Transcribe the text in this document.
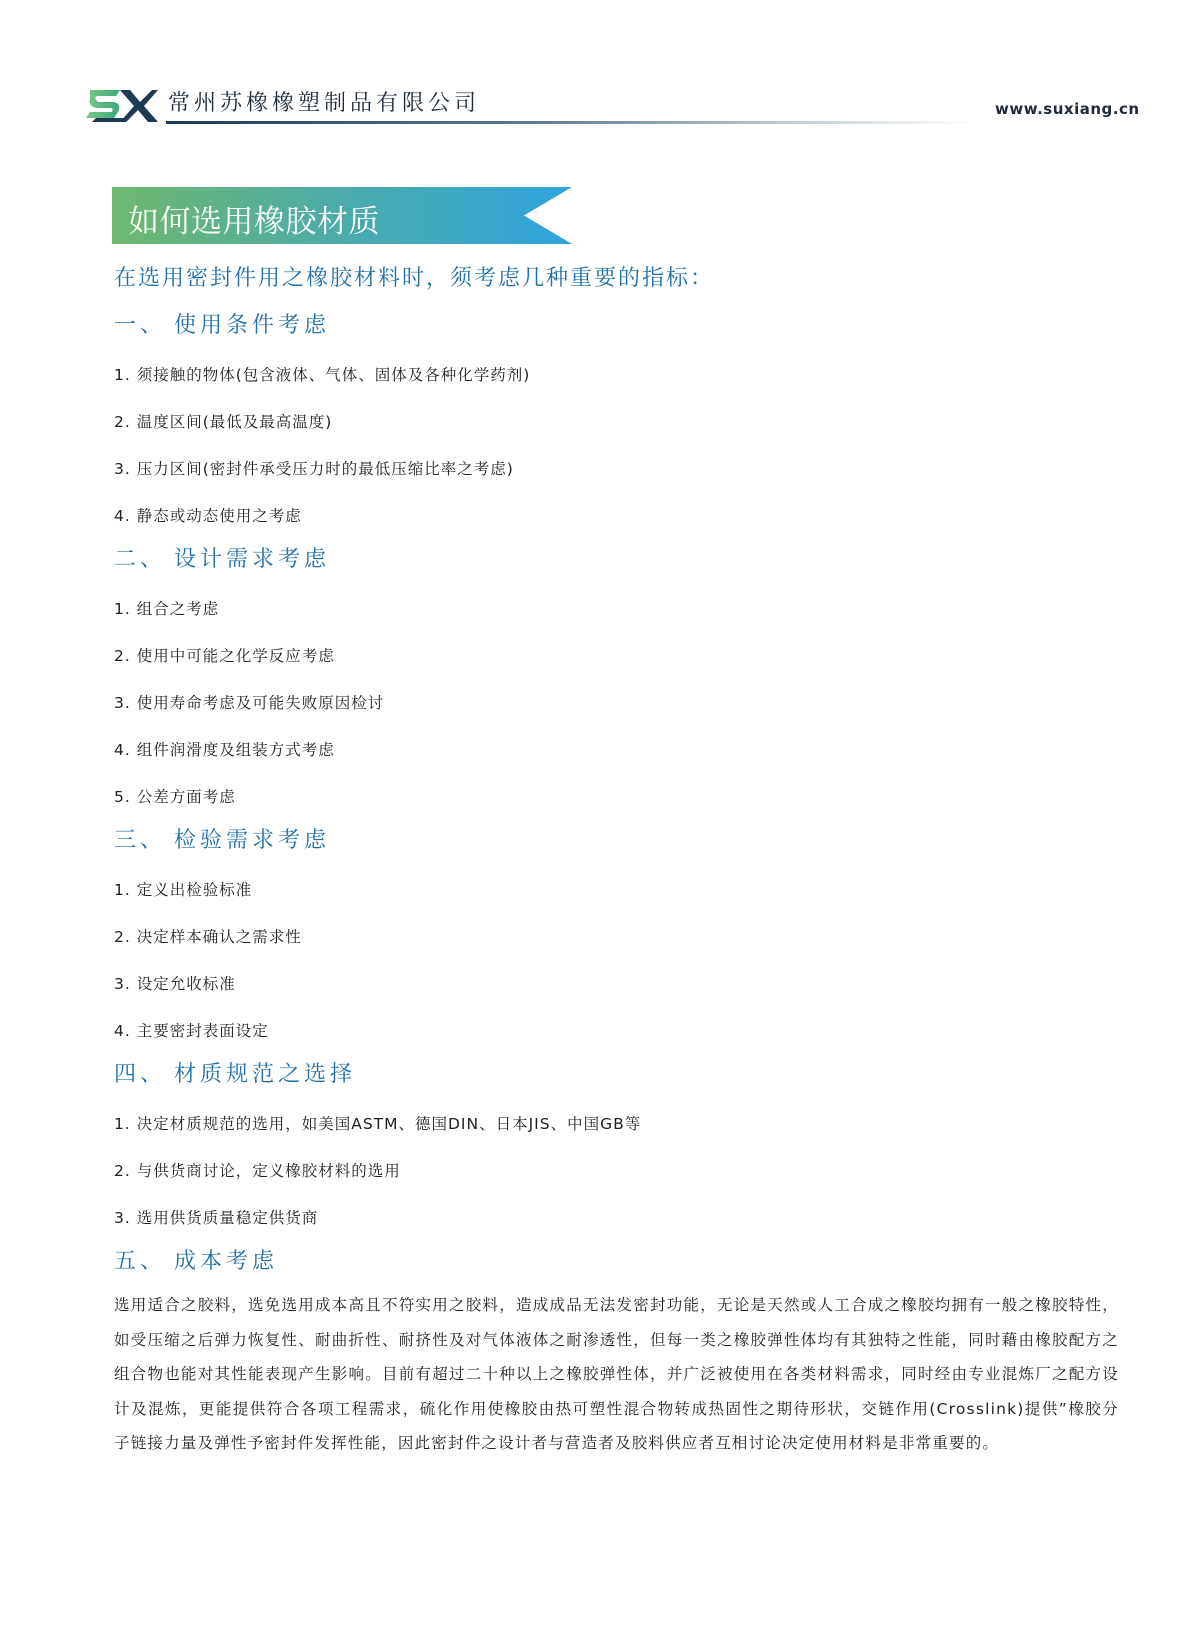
常州苏橡橡塑制品有限公司	www.suxiang.cn
如何选用橡胶材质

在选用密封件用之橡胶材料时，须考虑几种重要的指标：

一、 使用条件考虑

1. 须接触的物体(包含液体、气体、固体及各种化学药剂)

2. 温度区间(最低及最高温度)

3. 压力区间(密封件承受压力时的最低压缩比率之考虑)

4. 静态或动态使用之考虑

二、 设计需求考虑

1. 组合之考虑

2. 使用中可能之化学反应考虑

3. 使用寿命考虑及可能失败原因检讨

4. 组件润滑度及组装方式考虑

5. 公差方面考虑

三、 检验需求考虑

1. 定义出检验标准

2. 决定样本确认之需求性

3. 设定允收标准

4. 主要密封表面设定

四、 材质规范之选择

1. 决定材质规范的选用，如美国ASTM、德国DIN、日本JIS、中国GB等

2. 与供货商讨论，定义橡胶材料的选用

3. 选用供货质量稳定供货商

五、 成本考虑

选用适合之胶料，选免选用成本高且不符实用之胶料，造成成品无法发密封功能，无论是天然或人工合成之橡胶均拥有一般之橡胶特性，如受压缩之后弹力恢复性、耐曲折性、耐挤性及对气体液体之耐渗透性，但每一类之橡胶弹性体均有其独特之性能，同时藉由橡胶配方之组合物也能对其性能表现产生影响。目前有超过二十种以上之橡胶弹性体，并广泛被使用在各类材料需求，同时经由专业混炼厂之配方设计及混炼，更能提供符合各项工程需求，硫化作用使橡胶由热可塑性混合物转成热固性之期待形状，交链作用(Crosslink)提供”橡胶分子链接力量及弹性予密封件发挥性能，因此密封件之设计者与营造者及胶料供应者互相讨论决定使用材料是非常重要的。
